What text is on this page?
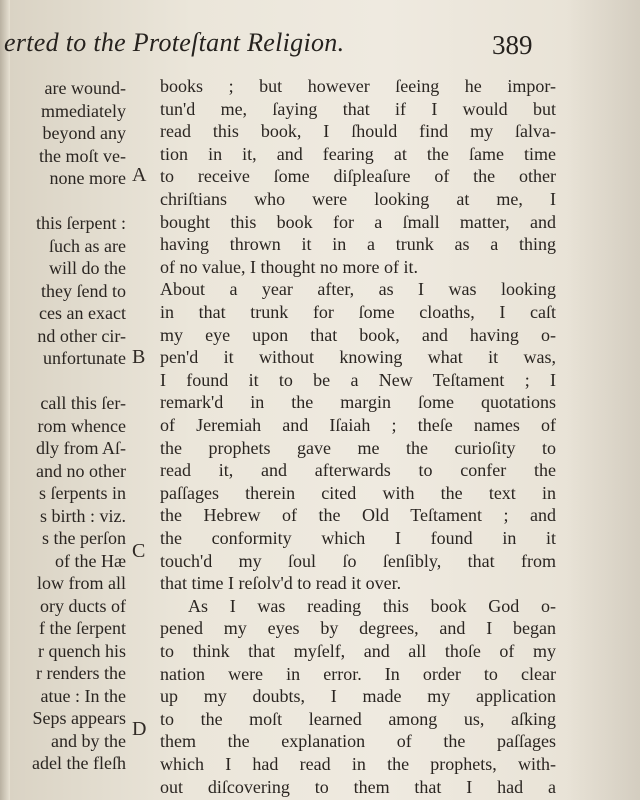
erted to the Proteſtant Religion.	389
are wound-
mmediately
beyond any
the moſt ve-
none more
this ſerpent :
ſuch as are
will do the
they ſend to
ces an exact
nd other cir-
unfortunate
call this ſer-
rom whence
dly from Aſ-
and no other
s ſerpents in
s birth : viz.
s the perſon
of the Hæ
low from all
ory ducts of
f the ſerpent
r quench his
r renders the
atue : In the
Seps appears
and by the
adel the fleſh
A
B
C
D
books ; but however ſeeing he impor-
tun'd me, ſaying that if I would but
read this book, I ſhould find my ſalva-
tion in it, and fearing at the ſame time
to receive ſome diſpleaſure of the other
chriſtians who were looking at me, I
bought this book for a ſmall matter, and
having thrown it in a trunk as a thing
of no value, I thought no more of it.
About a year after, as I was looking
in that trunk for ſome cloaths, I caſt
my eye upon that book, and having o-
pen'd it without knowing what it was,
I found it to be a New Teſtament ; I
remark'd in the margin ſome quotations
of Jeremiah and Iſaiah ; theſe names of
the prophets gave me the curioſity to
read it, and afterwards to confer the
paſſages therein cited with the text in
the Hebrew of the Old Teſtament ; and
the conformity which I found in it
touch'd my ſoul ſo ſenſibly, that from
that time I reſolv'd to read it over.
As I was reading this book God o-
pened my eyes by degrees, and I began
to think that myſelf, and all thoſe of my
nation were in error. In order to clear
up my doubts, I made my application
to the moſt learned among us, aſking
them the explanation of the paſſages
which I had read in the prophets, with-
out diſcovering to them that I had a
